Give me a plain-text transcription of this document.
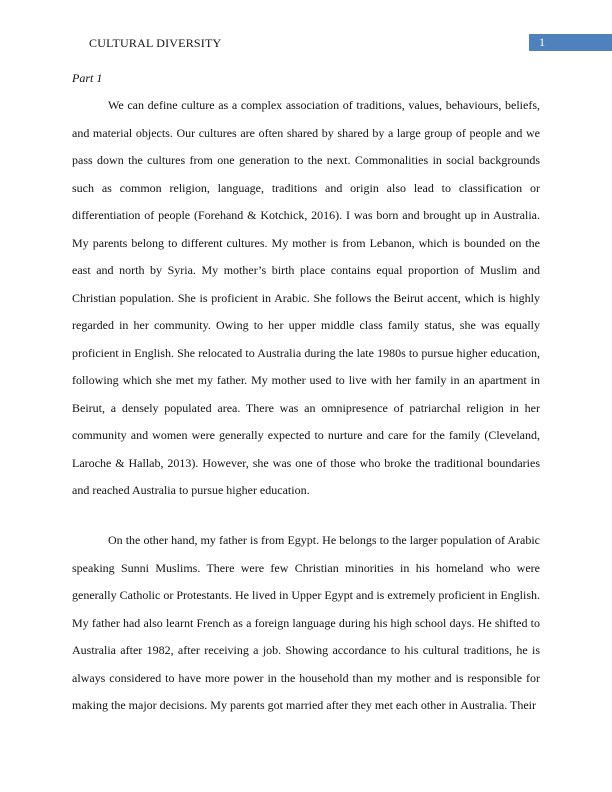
CULTURAL DIVERSITY	1
Part 1

We can define culture as a complex association of traditions, values, behaviours, beliefs, and material objects. Our cultures are often shared by shared by a large group of people and we pass down the cultures from one generation to the next. Commonalities in social backgrounds such as common religion, language, traditions and origin also lead to classification or differentiation of people (Forehand & Kotchick, 2016). I was born and brought up in Australia. My parents belong to different cultures. My mother is from Lebanon, which is bounded on the east and north by Syria. My mother’s birth place contains equal proportion of Muslim and Christian population. She is proficient in Arabic. She follows the Beirut accent, which is highly regarded in her community. Owing to her upper middle class family status, she was equally proficient in English. She relocated to Australia during the late 1980s to pursue higher education, following which she met my father. My mother used to live with her family in an apartment in Beirut, a densely populated area. There was an omnipresence of patriarchal religion in her community and women were generally expected to nurture and care for the family (Cleveland, Laroche & Hallab, 2013). However, she was one of those who broke the traditional boundaries and reached Australia to pursue higher education.

On the other hand, my father is from Egypt. He belongs to the larger population of Arabic speaking Sunni Muslims. There were few Christian minorities in his homeland who were generally Catholic or Protestants. He lived in Upper Egypt and is extremely proficient in English. My father had also learnt French as a foreign language during his high school days. He shifted to Australia after 1982, after receiving a job. Showing accordance to his cultural traditions, he is always considered to have more power in the household than my mother and is responsible for making the major decisions. My parents got married after they met each other in Australia. Their
